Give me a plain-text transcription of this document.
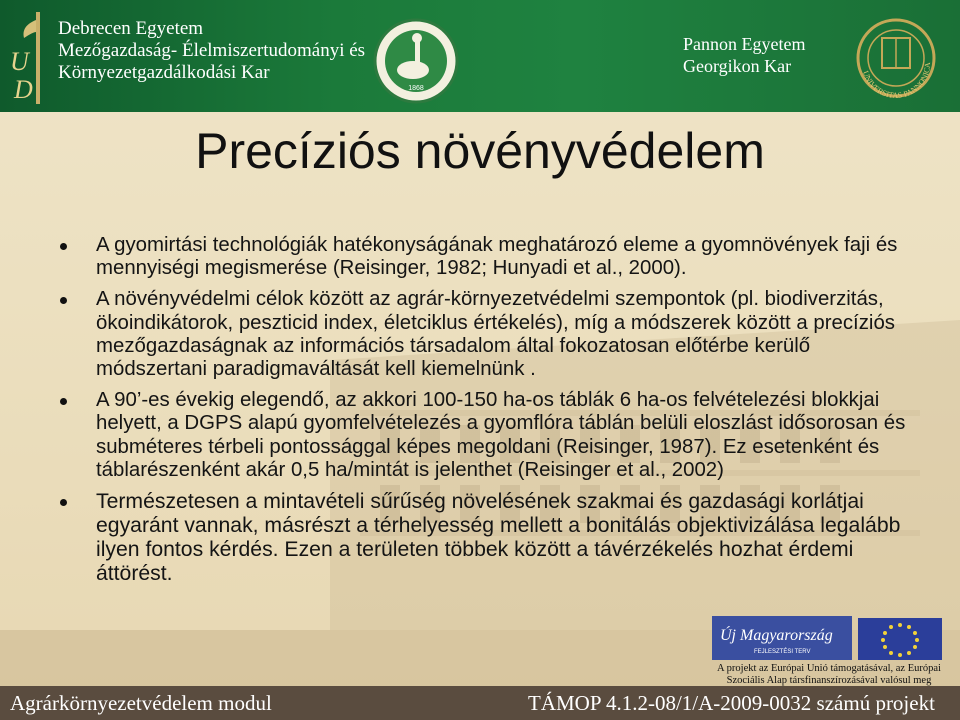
U
D
Debrecen Egyetem
Mezőgazdaság- Élelmiszertudományi és
Környezetgazdálkodási Kar
1868
Pannon Egyetem
Georgikon Kar	UNIVERSITAS PANNONICA
Precíziós növényvédelem
A gyomirtási technológiák hatékonyságának meghatározó eleme a gyomnövények faji és mennyiségi megismerése (Reisinger, 1982; Hunyadi et al., 2000).
A növényvédelmi célok között az agrár-környezetvédelmi szempontok (pl. biodiverzitás, ökoindikátorok, peszticid index, életciklus értékelés), míg a módszerek között a precíziós mezőgazdaságnak az információs társadalom által fokozatosan előtérbe kerülő módszertani paradigmaváltását kell kiemelnünk .
A 90’-es évekig elegendő, az akkori 100-150 ha-os táblák 6 ha-os felvételezési blokkjai helyett, a DGPS alapú gyomfelvételezés a gyomflóra táblán belüli eloszlást idősorosan és subméteres térbeli pontossággal képes megoldani (Reisinger, 1987). Ez esetenként és táblarészenként akár 0,5 ha/mintát is jelenthet (Reisinger et al., 2002)
Természetesen a mintavételi sűrűség növelésének szakmai és gazdasági korlátjai egyaránt vannak, másrészt a térhelyesség mellett a bonitálás objektivizálása legalább ilyen fontos kérdés. Ezen a területen többek között a távérzékelés hozhat érdemi áttörést.
Új Magyarország
FEJLESZTÉSI TERV
A projekt az Európai Unió támogatásával, az Európai Szociális Alap társfinanszírozásával valósul meg
Agrárkörnyezetvédelem modul	TÁMOP 4.1.2-08/1/A-2009-0032 számú projekt
